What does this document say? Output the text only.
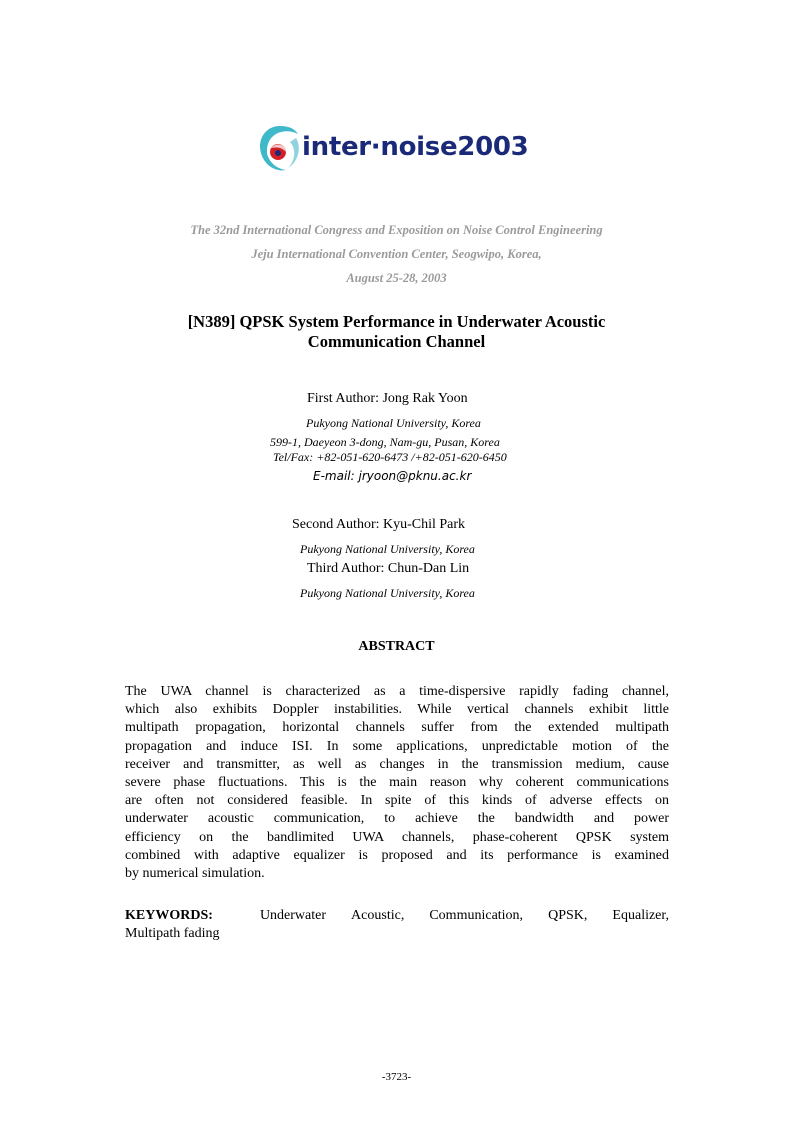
inter·noise2003
The 32nd International Congress and Exposition on Noise Control Engineering
Jeju International Convention Center, Seogwipo, Korea,
August 25-28, 2003
[N389] QPSK System Performance in Underwater Acoustic
Communication Channel
First Author: Jong Rak Yoon
Pukyong National University, Korea
599-1, Daeyeon 3-dong, Nam-gu, Pusan, Korea
Tel/Fax: +82-051-620-6473 /+82-051-620-6450
E-mail: jryoon@pknu.ac.kr
Second Author: Kyu-Chil Park
Pukyong National University, Korea
Third Author: Chun-Dan Lin
Pukyong National University, Korea
ABSTRACT
The UWA channel is characterized as a time-dispersive rapidly fading channel,
which also exhibits Doppler instabilities. While vertical channels exhibit little
multipath propagation, horizontal channels suffer from the extended multipath
propagation and induce ISI. In some applications, unpredictable motion of the
receiver and transmitter, as well as changes in the transmission medium, cause
severe phase fluctuations. This is the main reason why coherent communications
are often not considered feasible. In spite of this kinds of adverse effects on
underwater acoustic communication, to achieve the bandwidth and power
efficiency on the bandlimited UWA channels, phase-coherent QPSK system
combined with adaptive equalizer is proposed and its performance is examined
by numerical simulation.
KEYWORDS:	Underwater Acoustic, Communication, QPSK, Equalizer,
Multipath fading
-3723-
